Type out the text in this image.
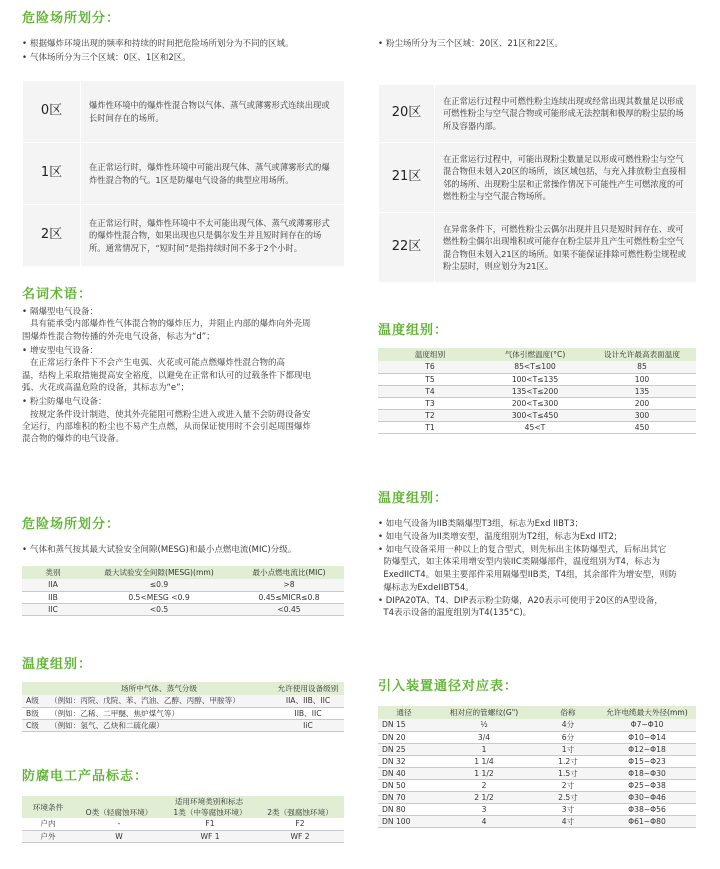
危险场所划分：
• 根据爆炸环境出现的频率和持续的时间把危险场所划分为不同的区域。
• 气体场所分为三个区域：0区、1区和2区。
0区	爆炸性环境中的爆炸性混合物以气体、蒸气或薄雾形式连续出现或长时间存在的场所。
1区	在正常运行时，爆炸性环境中可能出现气体、蒸气或薄雾形式的爆炸性混合物的气。1区是防爆电气设备的典型应用场所。
2区	在正常运行时，爆炸性环境中不太可能出现气体、蒸气或薄雾形式的爆炸性混合物，如果出现也只是偶尔发生并且短时间存在的场所。通常情况下，“短时间”是指持续时间不多于2个小时。
名词术语：
• 隔爆型电气设备：
具有能承受内部爆炸性气体混合物的爆炸压力，并阻止内部的爆炸向外壳周
围爆炸性混合物传播的外壳电气设备，标志为“d”；
• 增安型电气设备：
在正常运行条件下不会产生电弧、火花或可能点燃爆炸性混合物的高
温，结构上采取措施提高安全裕度，以避免在正常和认可的过载条件下都现电
弧、火花或高温危险的设备，其标志为“e”；
• 粉尘防爆电气设备：
按规定条件设计制造，使其外壳能阻可燃粉尘进入或进入量不会防碍设备安
全运行，内部堆积的粉尘也不易产生点燃，从而保证使用时不会引起周围爆炸
混合物的爆炸的电气设备。
危险场所划分：
• 气体和蒸气按其最大试验安全间隙(MESG)和最小点燃电流(MIC)分级。
类别	最大试验安全间隙(MESG)(mm)	最小点燃电流比(MIC)
IIA	≤0.9	>8
IIB	0.5<MESG <0.9	0.45≤MICR≤0.8
IIC	<0.5	<0.45
温度组别：
	场所中气体、蒸气分级	允许使用设备级别
A级	（例如：丙院、戊院、苯、汽油、乙醇、丙醇、甲胺等）	IIA、IIB、IIC
B级	（例如：乙稀、二甲醚、焦炉煤气等）	IIB、IIC
C级	（例如：氢气、乙炔和二硫化碳）	IiC
防腐电工产品标志：
环境条件	适用环境类别和标志		
	O类（轻腐蚀环境）	1类（中等腐蚀环境）	2类（强腐蚀环境）
户内	-	F1	F2
户外	W	WF 1	WF 2
• 粉尘场所分为三个区域：20区、21区和22区。
20区	在正常运行过程中可燃性粉尘连续出现或经常出现其数量足以形成可燃性粉尘与空气混合物或可能形成无法控制和极厚的粉尘层的场所及容器内部。
21区	在正常运行过程中，可能出现粉尘数量足以形成可燃性粉尘与空气混合物但未划入20区的场所，该区域包括，与充入排放粉尘直接相邻的场所、出现粉尘层和正常操作情况下可能性产生可燃浓度的可燃性粉尘与空气混合物场所。
22区	在异常条件下，可燃性粉尘云偶尔出现并且只是短时间存在、或可燃性粉尘偶尔出现堆积或可能存在粉尘层并且产生可燃性粉尘空气混合物但未划入21区的场所。如果不能保证排除可燃性粉尘规程或粉尘层时，则应划分为21区。
温度组别：
温度组别	气体引燃温度(°C)	设计允许最高表面温度
T6	85<T≤100	85
T5	100<T≤135	100
T4	135<T≤200	135
T3	200<T≤300	200
T2	300<T≤450	300
T1	45<T	450
温度组别：
• 如电气设备为IIB类隔爆型T3组，标志为Exd IIBT3；
• 如电气设备为II类增安型，温度组别为T2组，标志为Exd IIT2;
• 如电气设备采用一种以上的复合型式，则先标出主体防爆型式，后标出其它
防爆型式，如主体采用增安型内装IIC类隔爆部件，温度组别为T4，标志为
ExedIICT4。如果主要部件采用隔爆型IIB类，T4组，其余部件为增安型，则防
爆标志为ExdeIIBT54。
• DIPA20TA、T4、DIP表示粉尘防爆，A20表示可使用于20区的A型设备，
T4表示设备的温度组别为T4(135°C)。
引入装置通径对应表：
通径	相对应的管螺纹(G")	俗称	允许电缆最大外径(mm)
DN 15	½	4分	Φ7~Φ10
DN 20	3/4	6分	Φ10~Φ14
DN 25	1	1寸	Φ12~Φ18
DN 32	1 1/4	1.2寸	Φ15~Φ23
DN 40	1 1/2	1.5寸	Φ18~Φ30
DN 50	2	2寸	Φ25~Φ38
DN 70	2 1/2	2.5寸	Φ30~Φ46
DN 80	3	3寸	Φ38~Φ56
DN 100	4	4寸	Φ61~Φ80
